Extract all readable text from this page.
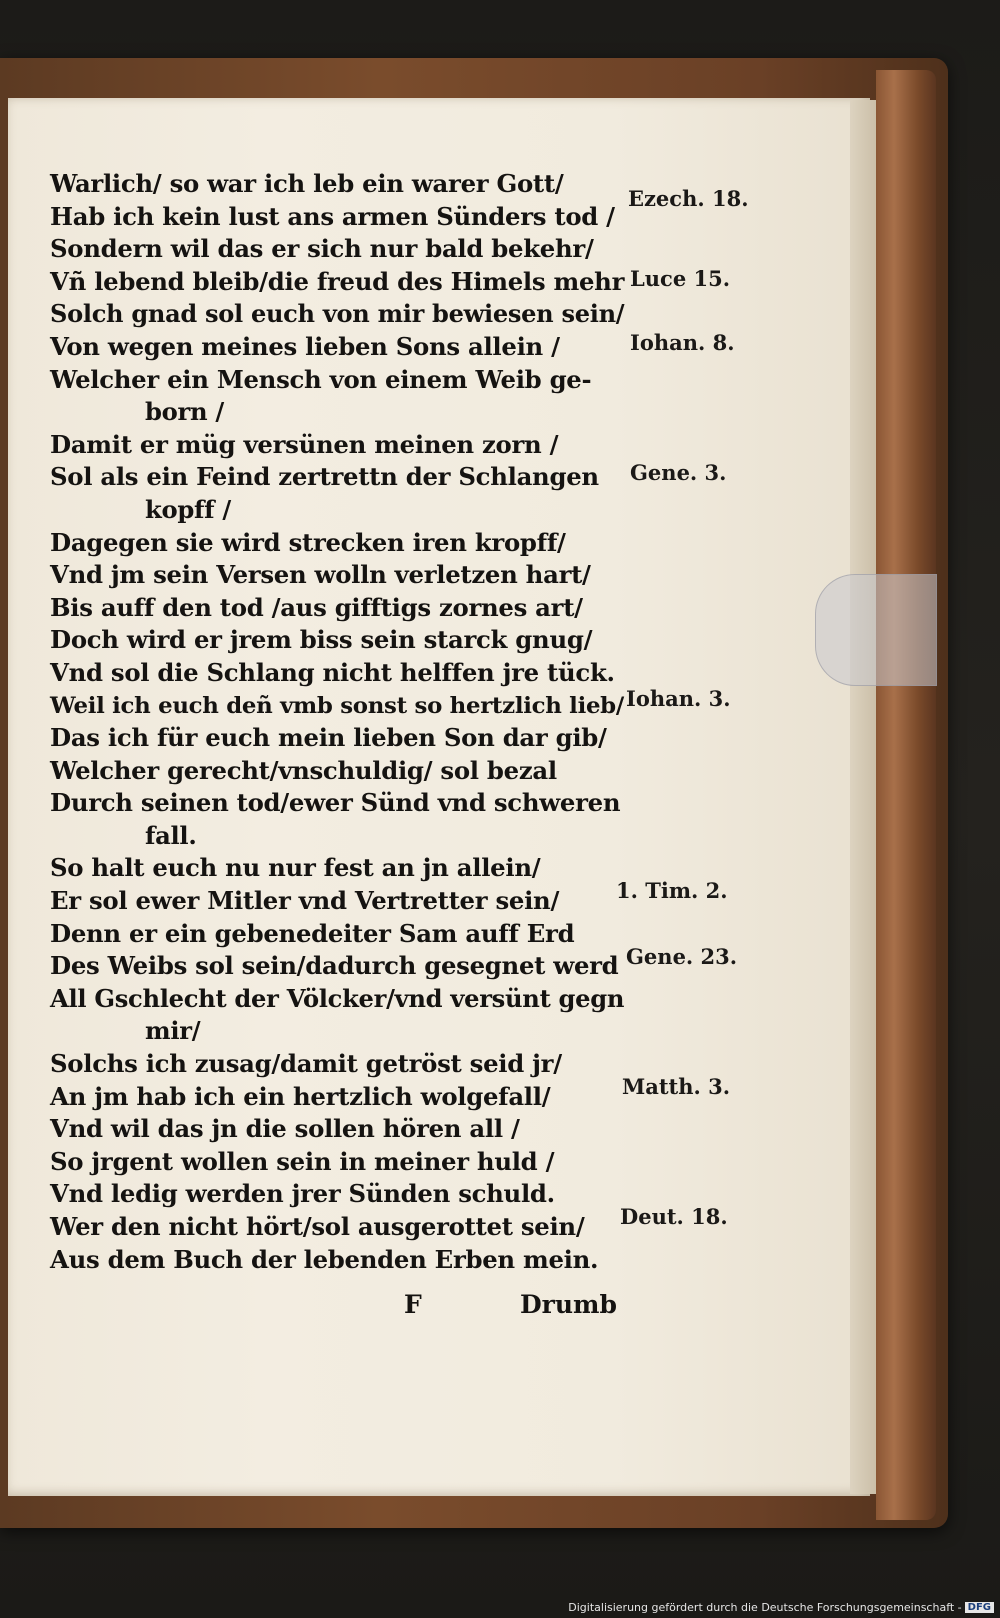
Warlich/ so war ich leb ein warer Gott/
Hab ich kein lust ans armen Sünders tod /
Sondern wil das er sich nur bald bekehr/
Vñ lebend bleib/die freud des Himels mehr
Solch gnad sol euch von mir bewiesen sein/
Von wegen meines lieben Sons allein /
Welcher ein Mensch von einem Weib ge-
born /
Damit er müg versünen meinen zorn /
Sol als ein Feind zertrettn der Schlangen
kopff /
Dagegen sie wird strecken iren kropff/
Vnd jm sein Versen wolln verletzen hart/
Bis auff den tod /aus gifftigs zornes art/
Doch wird er jrem biss sein starck gnug/
Vnd sol die Schlang nicht helffen jre tück.
Weil ich euch deñ vmb sonst so hertzlich lieb/
Das ich für euch mein lieben Son dar gib/
Welcher gerecht/vnschuldig/ sol bezal
Durch seinen tod/ewer Sünd vnd schweren
fall.
So halt euch nu nur fest an jn allein/
Er sol ewer Mitler vnd Vertretter sein/
Denn er ein gebenedeiter Sam auff Erd
Des Weibs sol sein/dadurch gesegnet werd
All Gschlecht der Völcker/vnd versünt gegn
mir/
Solchs ich zusag/damit getröst seid jr/
An jm hab ich ein hertzlich wolgefall/
Vnd wil das jn die sollen hören all /
So jrgent wollen sein in meiner huld /
Vnd ledig werden jrer Sünden schuld.
Wer den nicht hört/sol ausgerottet sein/
Aus dem Buch der lebenden Erben mein.
Ezech. 18.
Luce 15.
Iohan. 8.
Gene. 3.
Iohan. 3.
1. Tim. 2.
Gene. 23.
Matth. 3.
Deut. 18.
F	Drumb
Digitalisierung gefördert durch die Deutsche Forschungsgemeinschaft - DFG
